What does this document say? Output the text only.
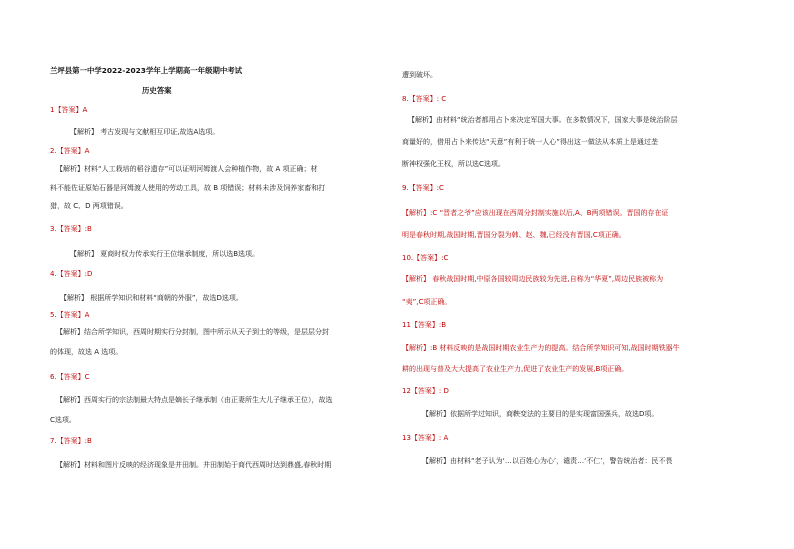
兰坪县第一中学2022-2023学年上学期高一年级期中考试
历史答案
1【答案】A
【解析】 考古发现与文献相互印证,故选A选项。
2.【答案】A
【解析】材料“人工栽培的稻谷遗存”可以证明河姆渡人会种植作物，故 A 项正确；材
料不能佐证原始石器是河姆渡人使用的劳动工具，故 B 项错误；材料未涉及饲养家畜和打
猎，故 C、D 两项错误。
3.【答案】:B
【解析】 夏商时权力传承实行王位继承制度，所以选B选项。
4.【答案】:D
【解析】 根据所学知识和材料“商朝的外服”，故选D选项。
5.【答案】A
【解析】结合所学知识，西周时期实行分封制，图中所示从天子到士的等级，是层层分封
的体现，故选 A 选项。
6.【答案】C
【解析】西周实行的宗法制最大特点是嫡长子继承制（由正妻所生大儿子继承王位），故选
C选项。
7.【答案】:B
【解析】材料和图片反映的经济现象是井田制。井田制始于商代西周时达到鼎盛,春秋时期
遭到破坏。
8.【答案】: C
【解析】由材料“统治者都用占卜来决定军国大事。在多数情况下，国家大事是统治阶层
商量好的，借用占卜来传达“天意”有利于统一人心”得出这一做法从本质上是通过垄
断神权强化王权，所以选C选项。
9.【答案】:C
【解析】:C “晋者之爷”应该出现在西周分封制实施以后,A、B两项错误。晋国的存在证
明是春秋时期,战国时期,晋国分裂为韩、赵、魏,已经没有晋国,C项正确。
10.【答案】:C
【解析】 春秋战国时期,中原各国较周边民族较为先进,自称为“华夏”,周边民族被称为
“夷”,C项正确。
11【答案】:B
【解析】:B 材料反映的是战国时期农业生产力的提高。结合所学知识可知,战国时期铁器牛
耕的出现与普及大大提高了农业生产力,促进了农业生产的发展,B项正确。
12【答案】: D
【解析】依据所学过知识，商鞅变法的主要目的是实现富国强兵，故选D项。
13【答案】: A
【解析】由材料“老子认为‘…以百姓心为心’，谴责…‘不仁’，警告统治者：民不畏
